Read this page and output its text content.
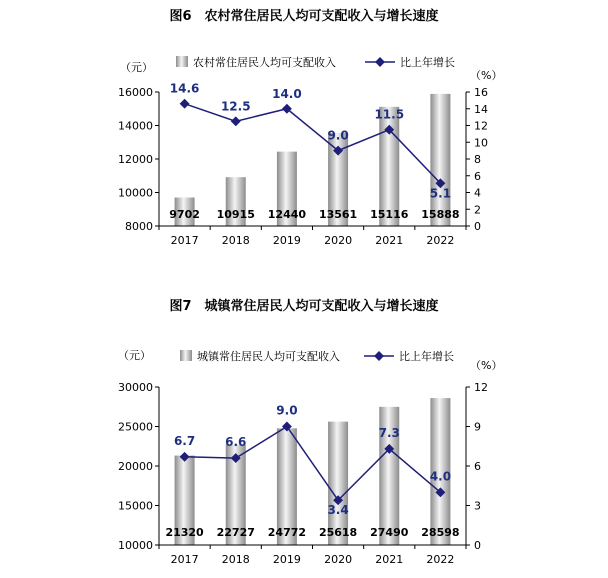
图6　农村常住居民人均可支配收入与增长速度
（元）
（%）
农村常住居民人均可支配收入	比上年增长
8000
10000
12000
14000
16000
0
2
4
6
8
10
12
14
16
2017 2018 2019 2020 2021 2022
9702 10915 12440 13561 15116 15888
14.6
12.5
14.0
9.0
11.5
5.1
图7　城镇常住居民人均可支配收入与增长速度
（元）
（%）
城镇常住居民人均可支配收入	比上年增长
10000
15000
20000
25000
30000
0
3
6
9
12
2017 2018 2019 2020 2021 2022
21320 22727 24772 25618 27490 28598
6.7 6.6
9.0
3.4
7.3
4.0
